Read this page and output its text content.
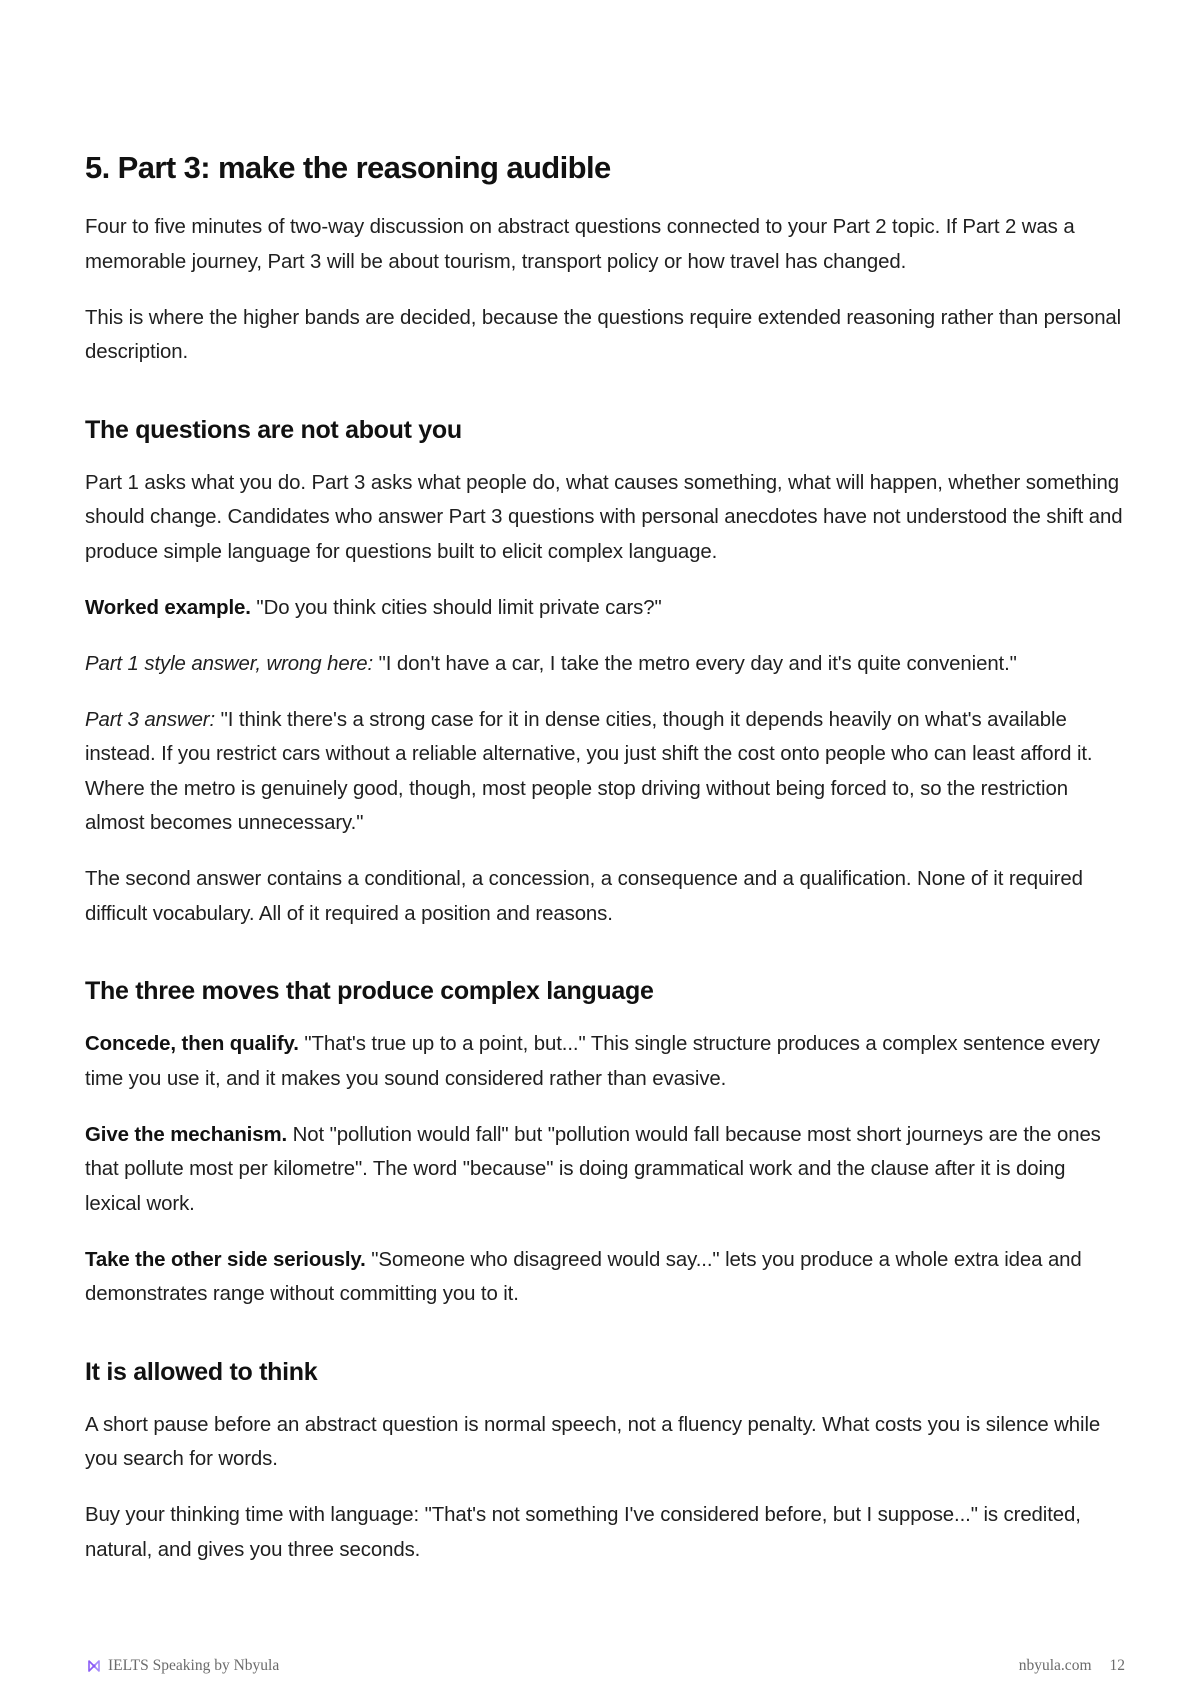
5. Part 3: make the reasoning audible

Four to five minutes of two-way discussion on abstract questions connected to your Part 2 topic. If Part 2 was a memorable journey, Part 3 will be about tourism, transport policy or how travel has changed.

This is where the higher bands are decided, because the questions require extended reasoning rather than personal description.

The questions are not about you

Part 1 asks what you do. Part 3 asks what people do, what causes something, what will happen, whether something should change. Candidates who answer Part 3 questions with personal anecdotes have not understood the shift and produce simple language for questions built to elicit complex language.

Worked example. "Do you think cities should limit private cars?"

Part 1 style answer, wrong here: "I don't have a car, I take the metro every day and it's quite convenient."

Part 3 answer: "I think there's a strong case for it in dense cities, though it depends heavily on what's available instead. If you restrict cars without a reliable alternative, you just shift the cost onto people who can least afford it. Where the metro is genuinely good, though, most people stop driving without being forced to, so the restriction almost becomes unnecessary."

The second answer contains a conditional, a concession, a consequence and a qualification. None of it required difficult vocabulary. All of it required a position and reasons.

The three moves that produce complex language

Concede, then qualify. "That's true up to a point, but..." This single structure produces a complex sentence every time you use it, and it makes you sound considered rather than evasive.

Give the mechanism. Not "pollution would fall" but "pollution would fall because most short journeys are the ones that pollute most per kilometre". The word "because" is doing grammatical work and the clause after it is doing lexical work.

Take the other side seriously. "Someone who disagreed would say..." lets you produce a whole extra idea and demonstrates range without committing you to it.

It is allowed to think

A short pause before an abstract question is normal speech, not a fluency penalty. What costs you is silence while you search for words.

Buy your thinking time with language: "That's not something I've considered before, but I suppose..." is credited, natural, and gives you three seconds.

IELTS Speaking by Nbyula	nbyula.com 12
